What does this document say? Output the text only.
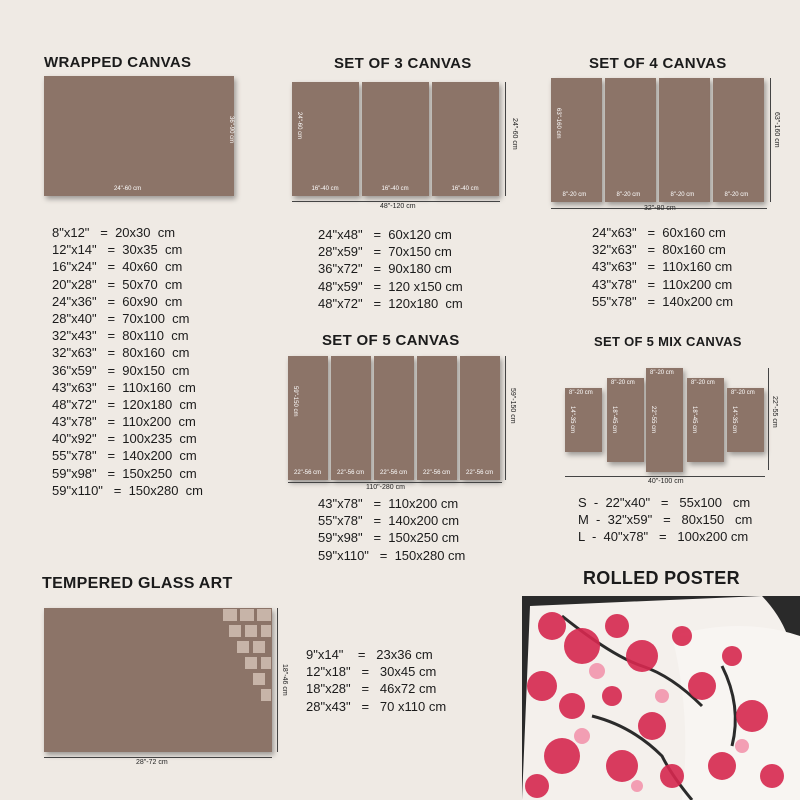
WRAPPED CANVAS
24"-60 cm
36"-90 cm
8"x12"   =  20x30  cm
12"x14"   =  30x35  cm
16"x24"   =  40x60  cm
20"x28"   =  50x70  cm
24"x36"   =  60x90  cm
28"x40"   =  70x100  cm
32"x43"   =  80x110  cm
32"x63"   =  80x160  cm
36"x59"   =  90x150  cm
43"x63"   =  110x160  cm
48"x72"   =  120x180  cm
43"x78"   =  110x200  cm
40"x92"   =  100x235  cm
55"x78"   =  140x200  cm
59"x98"   =  150x250  cm
59"x110"   =  150x280  cm
SET OF 3 CANVAS
16"-40 cm
24"-60 cm
16"-40 cm	16"-40 cm
48"-120 cm
24"-60 cm
24"x48"   =  60x120 cm
28"x59"   =  70x150 cm
36"x72"   =  90x180 cm
48"x59"   =  120 x150 cm
48"x72"   =  120x180  cm
SET OF 4 CANVAS
8"-20 cm
63"-160 cm
8"-20 cm	8"-20 cm	8"-20 cm
32"-80 cm
63"-160 cm
24"x63"   =  60x160 cm
32"x63"   =  80x160 cm
43"x63"   =  110x160 cm
43"x78"   =  110x200 cm
55"x78"   =  140x200 cm
SET OF 5 CANVAS
22"-56 cm
59"-150 cm
22"-56 cm	22"-56 cm	22"-56 cm	22"-56 cm
110"-280 cm
59"-150 cm
43"x78"   =  110x200 cm
55"x78"   =  140x200 cm
59"x98"   =  150x250 cm
59"x110"   =  150x280 cm
SET OF 5 MIX CANVAS
8"-20 cm
14"-35 cm
8"-20 cm
18"-45 cm
8"-20 cm
22"-55 cm
8"-20 cm
18"-45 cm
8"-20 cm
14"-35 cm
40"-100 cm
22"-55 cm
S  -  22"x40"   =   55x100   cm
M  -  32"x59"   =   80x150   cm
L  -  40"x78"   =   100x200 cm
TEMPERED GLASS ART
28"-72 cm
18"-46 cm
9"x14"    =   23x36 cm
12"x18"   =   30x45 cm
18"x28"   =   46x72 cm
28"x43"   =   70 x110 cm
ROLLED POSTER
